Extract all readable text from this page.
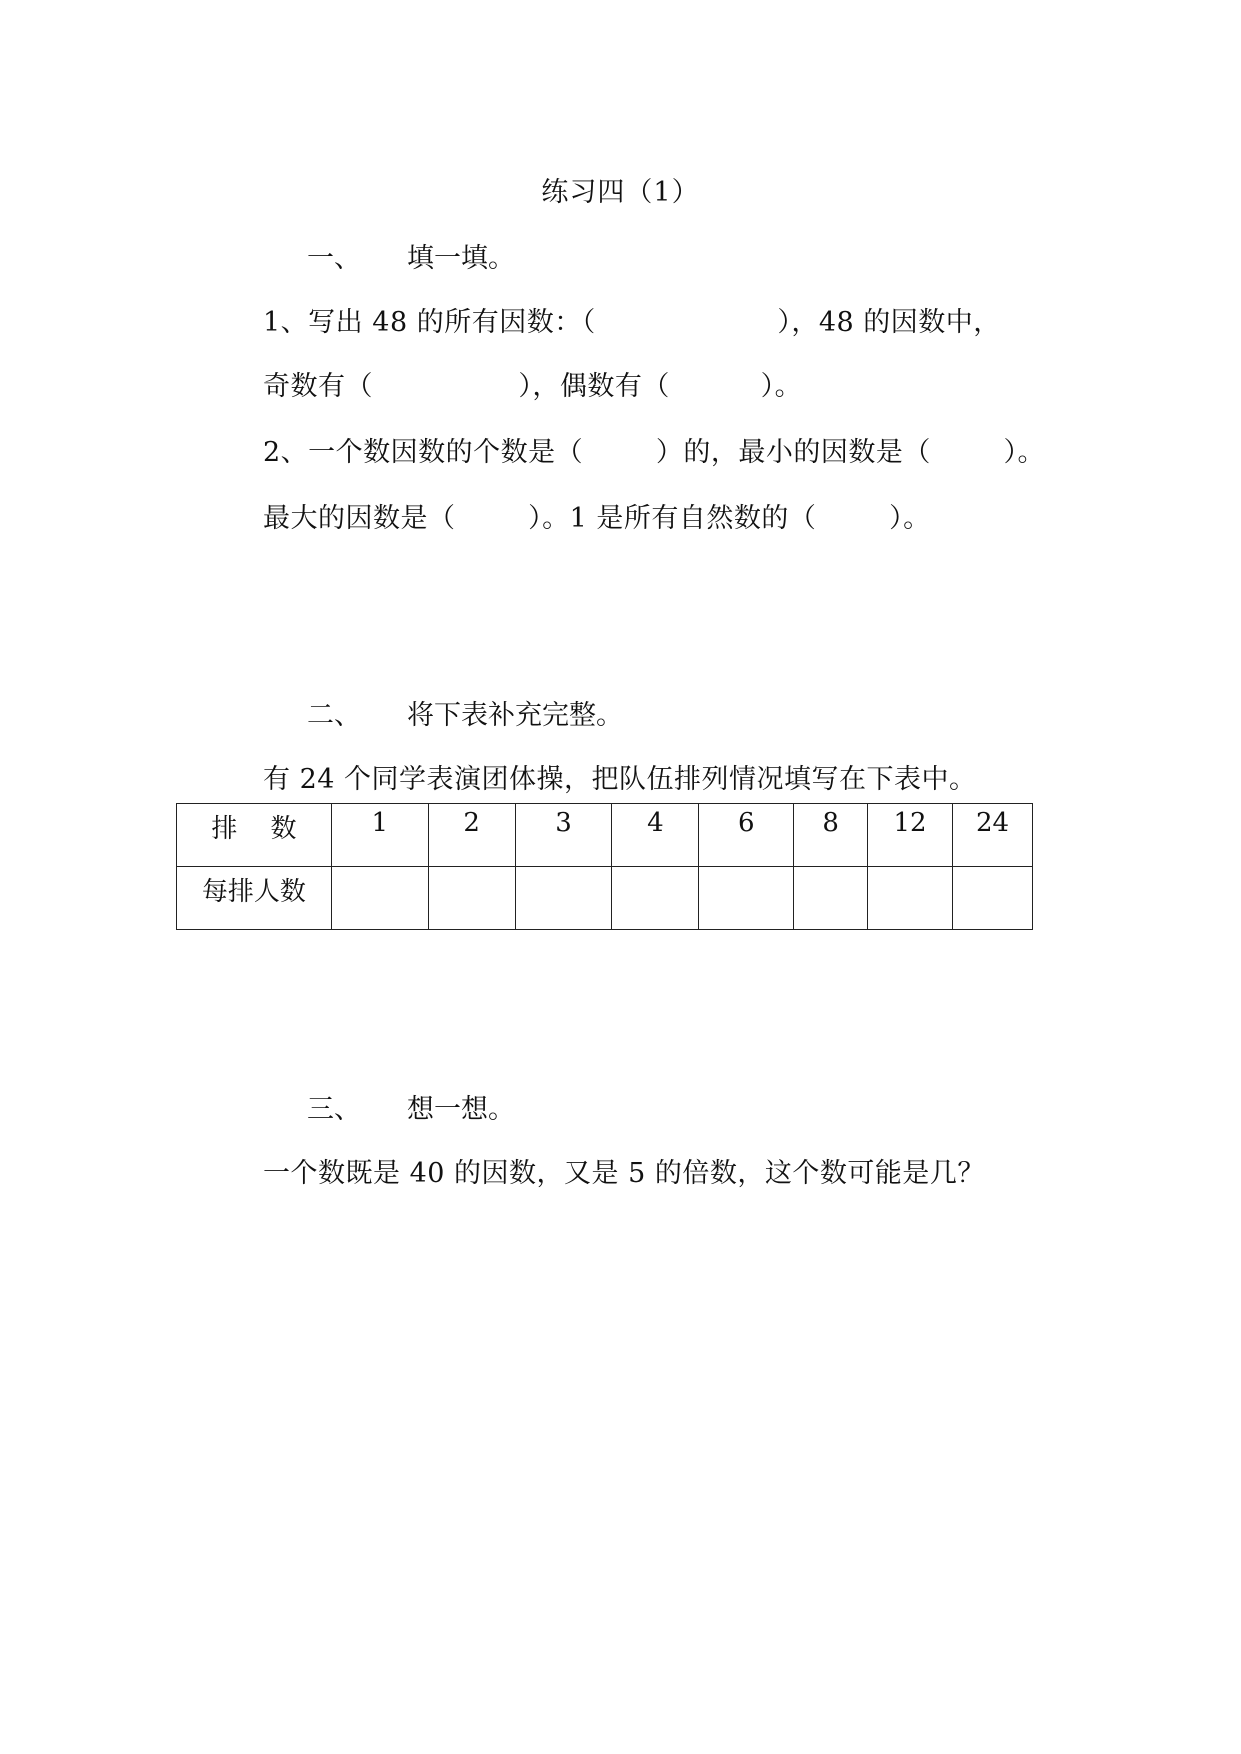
练习四（1）
一、 填一填。
1、写出 48 的所有因数：（                    ），48 的因数中，
奇数有（                ），偶数有（          ）。
2、一个数因数的个数是（        ）的，最小的因数是（        ）。
最大的因数是（        ）。1 是所有自然数的（        ）。
二、 将下表补充完整。
有 24 个同学表演团体操，把队伍排列情况填写在下表中。
排    数	1	2	3	4	6	8	12	24
每排人数								
三、 想一想。
一个数既是 40 的因数，又是 5 的倍数，这个数可能是几？
